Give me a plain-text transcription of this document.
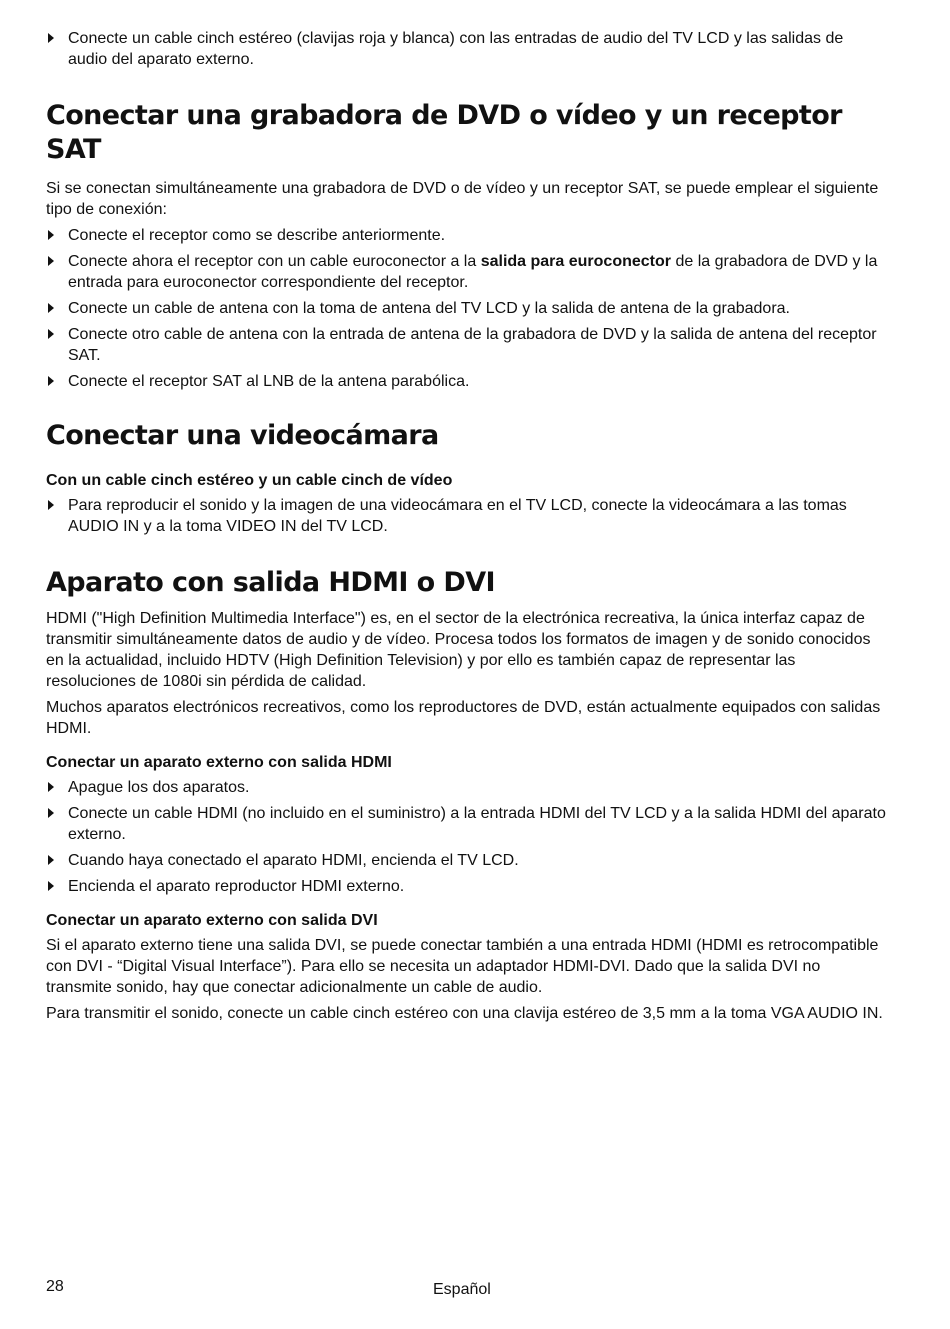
Conecte un cable cinch estéreo (clavijas roja y blanca) con las entradas de audio del TV LCD y las salidas de audio del aparato externo.
Conectar una grabadora de DVD o vídeo y un receptor SAT

Si se conectan simultáneamente una grabadora de DVD o de vídeo y un receptor SAT, se puede emplear el siguiente tipo de conexión:

Conecte el receptor como se describe anteriormente.
Conecte ahora el receptor con un cable euroconector a la salida para euroconector de la grabadora de DVD y la entrada para euroconector correspondiente del receptor.
Conecte un cable de antena con la toma de antena del TV LCD y la salida de antena de la grabadora.
Conecte otro cable de antena con la entrada de antena de la grabadora de DVD y la salida de antena del receptor SAT.
Conecte el receptor SAT al LNB de la antena parabólica.
Conectar una videocámara
Con un cable cinch estéreo y un cable cinch de vídeo
Para reproducir el sonido y la imagen de una videocámara en el TV LCD, conecte la videocámara a las tomas AUDIO IN y a la toma VIDEO IN del TV LCD.
Aparato con salida HDMI o DVI

HDMI ("High Definition Multimedia Interface") es, en el sector de la electrónica recreativa, la única interfaz capaz de transmitir simultáneamente datos de audio y de vídeo. Procesa todos los formatos de imagen y de sonido conocidos en la actualidad, incluido HDTV (High Definition Television) y por ello es también capaz de representar las resoluciones de 1080i sin pérdida de calidad.

Muchos aparatos electrónicos recreativos, como los reproductores de DVD, están actualmente equipados con salidas HDMI.

Conectar un aparato externo con salida HDMI
Apague los dos aparatos.
Conecte un cable HDMI (no incluido en el suministro) a la entrada HDMI del TV LCD y a la salida HDMI del aparato externo.
Cuando haya conectado el aparato HDMI, encienda el TV LCD.
Encienda el aparato reproductor HDMI externo.
Conectar un aparato externo con salida DVI

Si el aparato externo tiene una salida DVI, se puede conectar también a una entrada HDMI (HDMI es retrocompatible con DVI - “Digital Visual Interface”). Para ello se necesita un adaptador HDMI-DVI. Dado que la salida DVI no transmite sonido, hay que conectar adicionalmente un cable de audio.

Para transmitir el sonido, conecte un cable cinch estéreo con una clavija estéreo de 3,5 mm a la toma VGA AUDIO IN.

28	Español
